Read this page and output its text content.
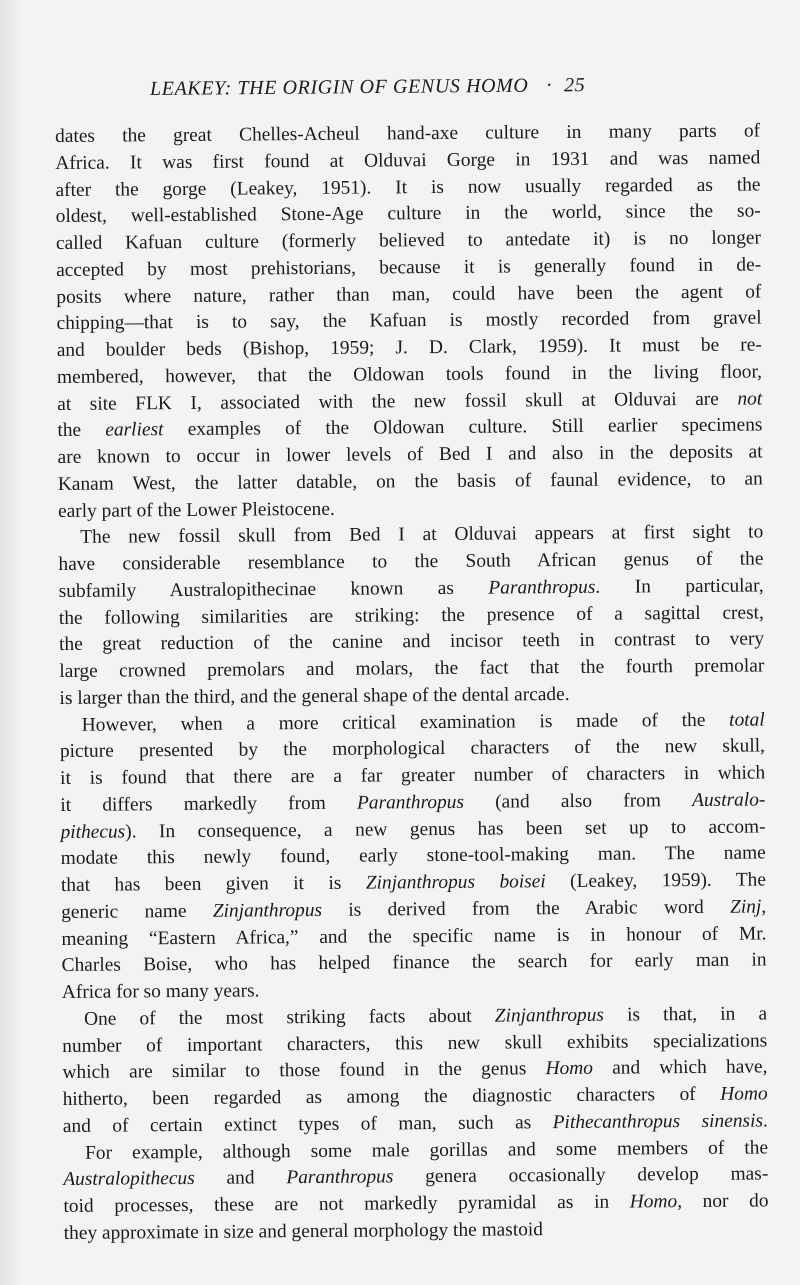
LEAKEY: THE ORIGIN OF GENUS HOMO · 25
dates the great Chelles-Acheul hand-axe culture in many parts of
Africa. It was first found at Olduvai Gorge in 1931 and was named
after the gorge (Leakey, 1951). It is now usually regarded as the
oldest, well-established Stone-Age culture in the world, since the so-
called Kafuan culture (formerly believed to antedate it) is no longer
accepted by most prehistorians, because it is generally found in de-
posits where nature, rather than man, could have been the agent of
chipping—that is to say, the Kafuan is mostly recorded from gravel
and boulder beds (Bishop, 1959; J. D. Clark, 1959). It must be re-
membered, however, that the Oldowan tools found in the living floor,
at site FLK I, associated with the new fossil skull at Olduvai are not
the earliest examples of the Oldowan culture. Still earlier specimens
are known to occur in lower levels of Bed I and also in the deposits at
Kanam West, the latter datable, on the basis of faunal evidence, to an
early part of the Lower Pleistocene.
The new fossil skull from Bed I at Olduvai appears at first sight to
have considerable resemblance to the South African genus of the
subfamily Australopithecinae known as Paranthropus. In particular,
the following similarities are striking: the presence of a sagittal crest,
the great reduction of the canine and incisor teeth in contrast to very
large crowned premolars and molars, the fact that the fourth premolar
is larger than the third, and the general shape of the dental arcade.
However, when a more critical examination is made of the total
picture presented by the morphological characters of the new skull,
it is found that there are a far greater number of characters in which
it differs markedly from Paranthropus (and also from Australo-
pithecus). In consequence, a new genus has been set up to accom-
modate this newly found, early stone-tool-making man. The name
that has been given it is Zinjanthropus boisei (Leakey, 1959). The
generic name Zinjanthropus is derived from the Arabic word Zinj,
meaning “Eastern Africa,” and the specific name is in honour of Mr.
Charles Boise, who has helped finance the search for early man in
Africa for so many years.
One of the most striking facts about Zinjanthropus is that, in a
number of important characters, this new skull exhibits specializations
which are similar to those found in the genus Homo and which have,
hitherto, been regarded as among the diagnostic characters of Homo
and of certain extinct types of man, such as Pithecanthropus sinensis.
For example, although some male gorillas and some members of the
Australopithecus and Paranthropus genera occasionally develop mas-
toid processes, these are not markedly pyramidal as in Homo, nor do
they approximate in size and general morphology the mastoid
